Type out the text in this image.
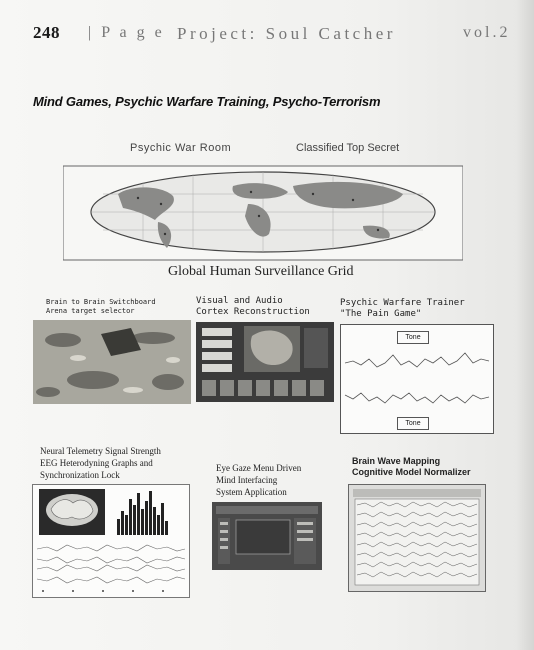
248 | P a g e Project: Soul Catcher	vol.2
Mind Games, Psychic Warfare Training, Psycho-Terrorism
Psychic War Room	Classified Top Secret
Global Human Surveillance Grid
Brain to Brain Switchboard
Arena target selector
Visual and Audio
Cortex Reconstruction
Psychic Warfare Trainer
"The Pain Game"
Tone
Tone
Neural Telemetry Signal Strength
EEG Heterodyning Graphs and
Synchronization Lock
Eye Gaze Menu Driven
Mind Interfacing
System Application
Brain Wave Mapping
Cognitive Model Normalizer
